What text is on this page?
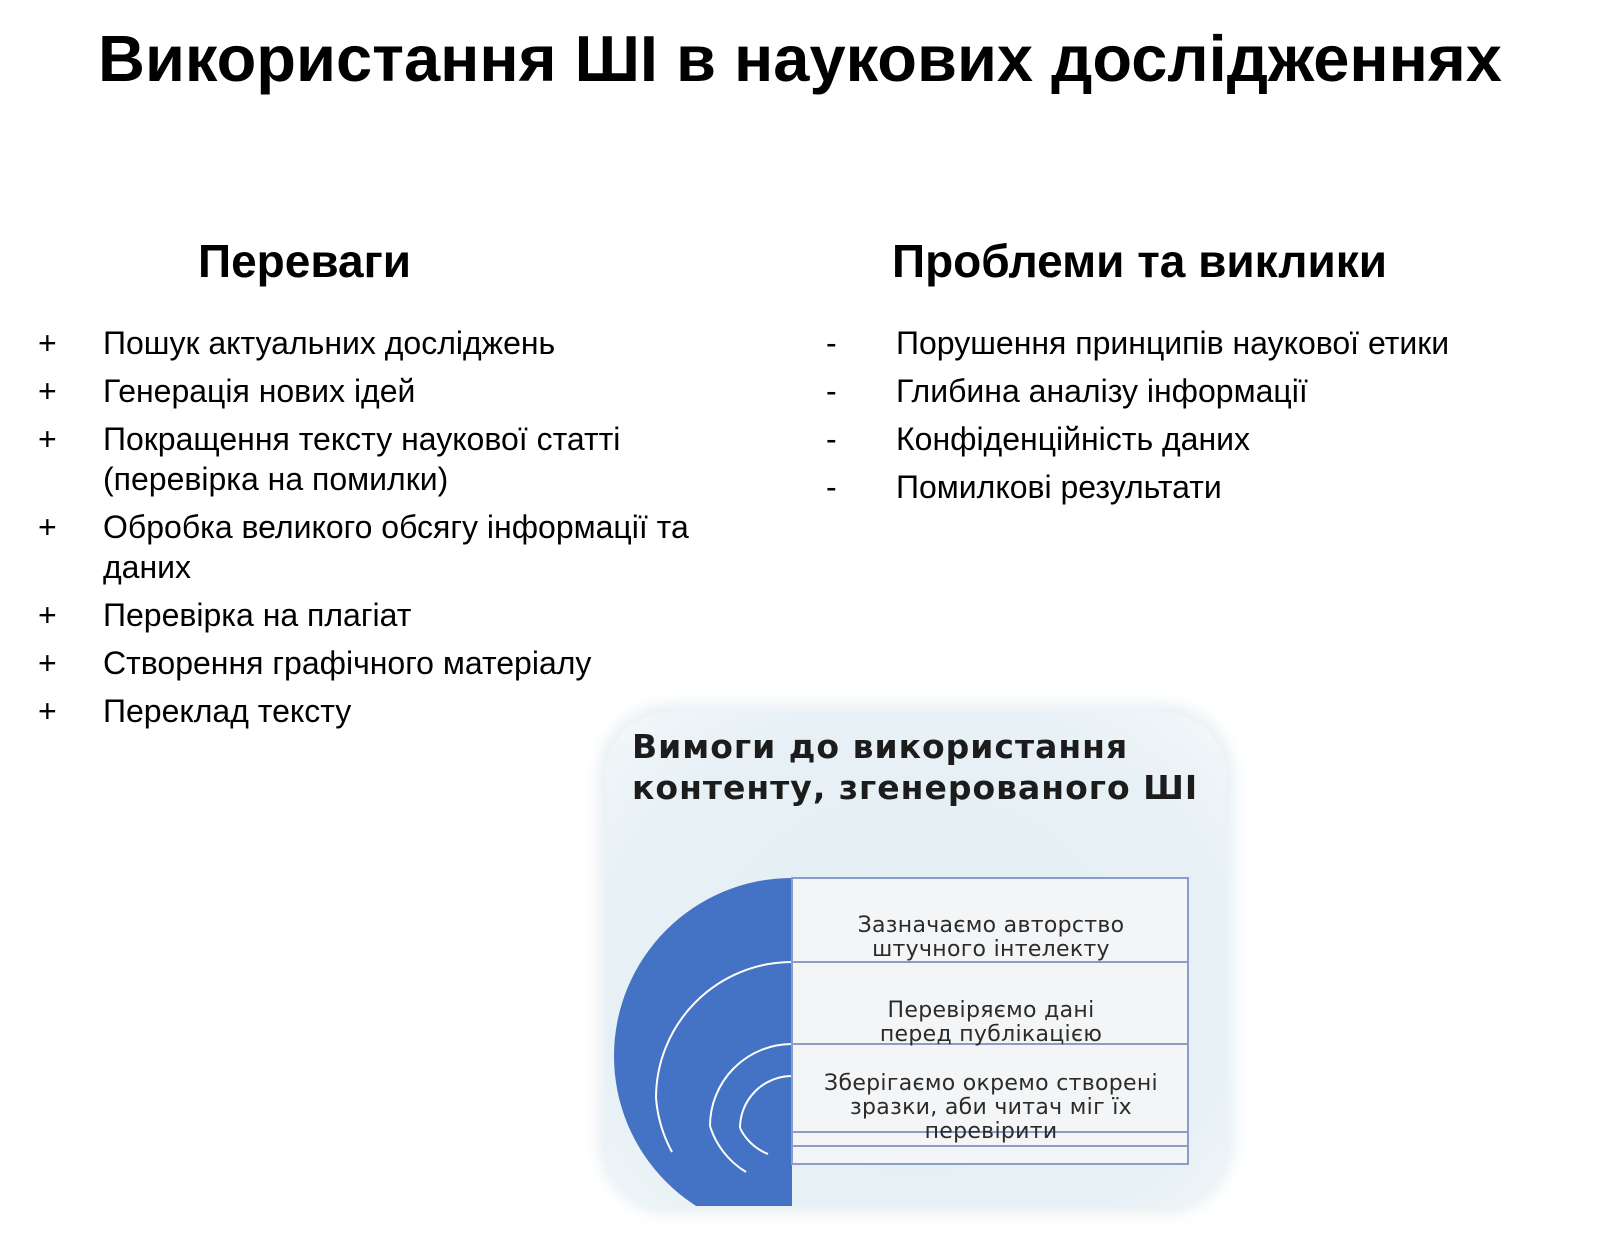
Використання ШІ в наукових дослідженнях
Переваги	Проблеми та виклики
+	Пошук актуальних досліджень
+	Генерація нових ідей
+	Покращення тексту наукової статті (перевірка на помилки)
+	Обробка великого обсягу інформації та даних
+	Перевірка на плагіат
+	Створення графічного матеріалу
+	Переклад тексту
-	Порушення принципів наукової етики
-	Глибина аналізу інформації
-	Конфіденційність даних
-	Помилкові результати
Вимоги до використання контенту, згенерованого ШІ
Зазначаємо авторство штучного інтелекту
Перевіряємо дані перед публікацією
Зберігаємо окремо створені зразки, аби читач міг їх перевірити
